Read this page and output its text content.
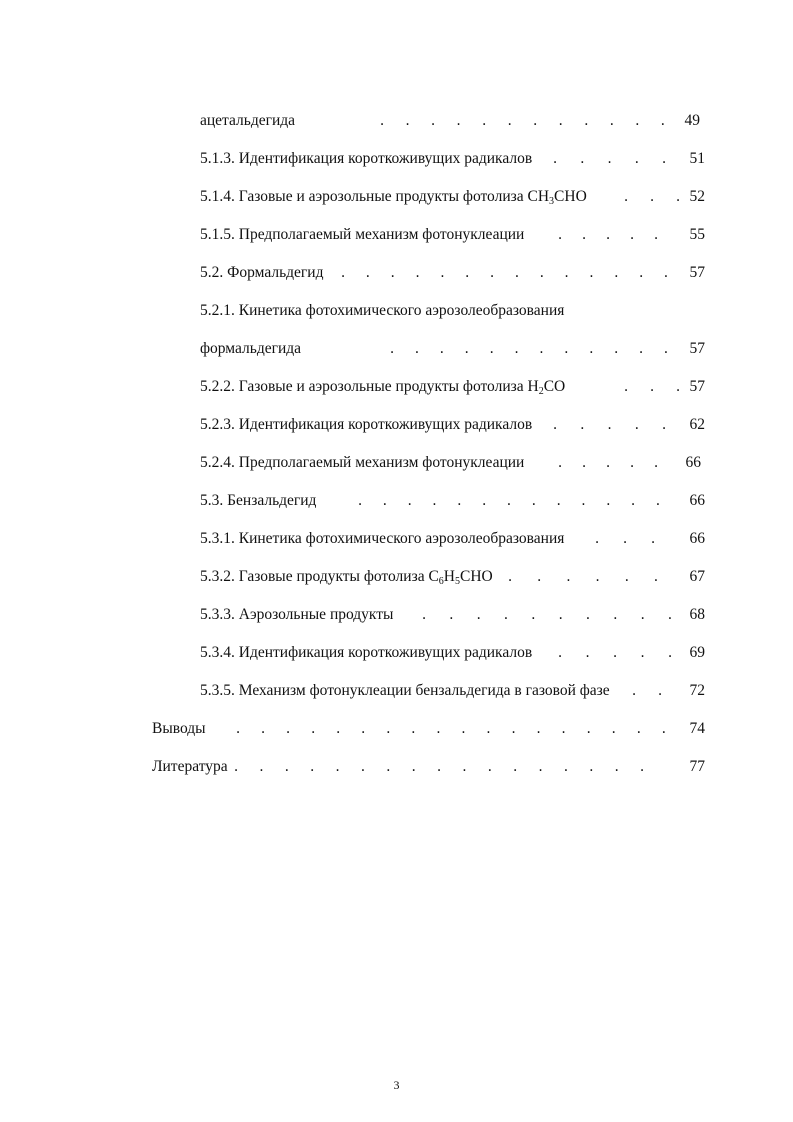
ацетальдегида	. . . . . . . . . . . . 49
5.1.3. Идентификация короткоживущих радикалов . . . . . 51
5.1.4. Газовые и аэрозольные продукты фотолиза $CH_3CHO$ . . . 52
5.1.5. Предполагаемый механизм фотонуклеации . . . . . 55
5.2. Формальдегид . . . . . . . . . . . . . . 57
5.2.1. Кинетика фотохимического аэрозолеобразования
формальдегида	. . . . . . . . . . . . 57
5.2.2. Газовые и аэрозольные продукты фотолиза $H_2CO$	. . . 57
5.2.3. Идентификация короткоживущих радикалов . . . . . 62
5.2.4. Предполагаемый механизм фотонуклеации . . . . . 66
5.3. Бензальдегид	. . . . . . . . . . . . . 66
5.3.1. Кинетика фотохимического аэрозолеобразования . . . 66
5.3.2. Газовые продукты фотолиза $C_6H_5CHO$ . . . . . . 67
5.3.3. Аэрозольные продукты . . . . . . . . . . 68
5.3.4. Идентификация короткоживущих радикалов . . . . . 69
5.3.5. Механизм фотонуклеации бензальдегида в газовой фазе . . 72
Выводы . . . . . . . . . . . . . . . . . . 74
Литература . . . . . . . . . . . . . . . . .	77
3
